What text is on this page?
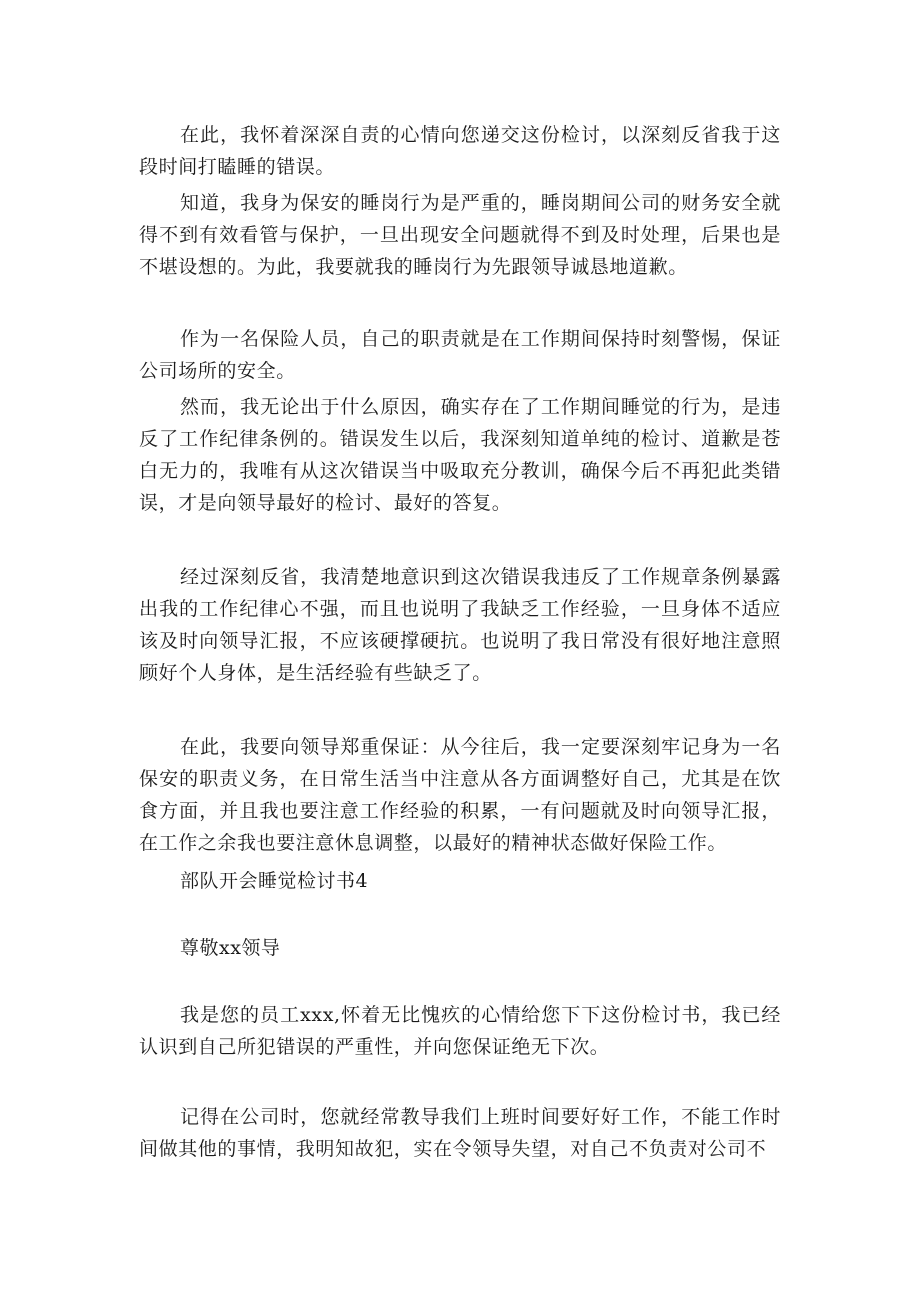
在此，我怀着深深自责的心情向您递交这份检讨，以深刻反省我于这段时间打瞌睡的错误。

知道，我身为保安的睡岗行为是严重的，睡岗期间公司的财务安全就得不到有效看管与保护，一旦出现安全问题就得不到及时处理，后果也是不堪设想的。为此，我要就我的睡岗行为先跟领导诚恳地道歉。

作为一名保险人员，自己的职责就是在工作期间保持时刻警惕，保证公司场所的安全。

然而，我无论出于什么原因，确实存在了工作期间睡觉的行为，是违反了工作纪律条例的。错误发生以后，我深刻知道单纯的检讨、道歉是苍白无力的，我唯有从这次错误当中吸取充分教训，确保今后不再犯此类错误，才是向领导最好的检讨、最好的答复。

经过深刻反省，我清楚地意识到这次错误我违反了工作规章条例暴露出我的工作纪律心不强，而且也说明了我缺乏工作经验，一旦身体不适应该及时向领导汇报，不应该硬撑硬抗。也说明了我日常没有很好地注意照顾好个人身体，是生活经验有些缺乏了。

在此，我要向领导郑重保证：从今往后，我一定要深刻牢记身为一名保安的职责义务，在日常生活当中注意从各方面调整好自己，尤其是在饮食方面，并且我也要注意工作经验的积累，一有问题就及时向领导汇报，在工作之余我也要注意休息调整，以最好的精神状态做好保险工作。

部队开会睡觉检讨书4
尊敬xx领导

我是您的员工xxx,怀着无比愧疚的心情给您下下这份检讨书，我已经认识到自己所犯错误的严重性，并向您保证绝无下次。

记得在公司时，您就经常教导我们上班时间要好好工作，不能工作时间做其他的事情，我明知故犯，实在令领导失望，对自己不负责对公司不
